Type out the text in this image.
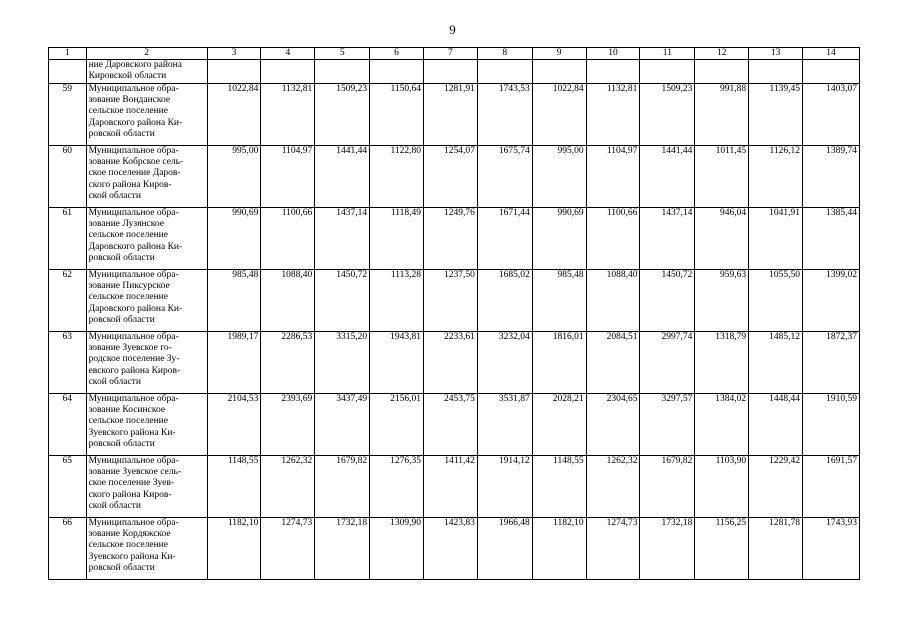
9
1	2	3	4	5	6	7	8	9	10	11	12	13	14

	ние Даровского района
Кировской области												

59	Муниципальное обра-
зование Вонданское
сельское поселение
Даровского района Ки-
ровской области	1022,84	1132,81	1509,23	1150,64	1281,91	1743,53	1022,84	1132,81	1509,23	991,88	1139,45	1403,07
60	Муниципальное обра-
зование Кобрское сель-
ское поселение Даров-
ского района Киров-
ской области	995,00	1104,97	1441,44	1122,80	1254,07	1675,74	995,00	1104,97	1441,44	1011,45	1126,12	1389,74
61	Муниципальное обра-
зование Лузянское
сельское поселение
Даровского района Ки-
ровской области	990,69	1100,66	1437,14	1118,49	1249,76	1671,44	990,69	1100,66	1437,14	946,04	1041,91	1385,44
62	Муниципальное обра-
зование Пиксурское
сельское поселение
Даровского района Ки-
ровской области	985,48	1088,40	1450,72	1113,28	1237,50	1685,02	985,48	1088,40	1450,72	959,63	1055,50	1399,02
63	Муниципальное обра-
зование Зуевское го-
родское поселение Зу-
евского района Киров-
ской области	1989,17	2286,53	3315,20	1943,81	2233,61	3232,04	1816,01	2084,51	2997,74	1318,79	1485,12	1872,37
64	Муниципальное обра-
зование Косинское
сельское поселение
Зуевского района Ки-
ровской области	2104,53	2393,69	3437,49	2156,01	2453,75	3531,87	2028,21	2304,65	3297,57	1384,02	1448,44	1910,59
65	Муниципальное обра-
зование Зуевское сель-
ское поселение Зуев-
ского района Киров-
ской области	1148,55	1262,32	1679,82	1276,35	1411,42	1914,12	1148,55	1262,32	1679,82	1103,90	1229,42	1691,57
66	Муниципальное обра-
зование Кордяжское
сельское поселение
Зуевского района Ки-
ровской области	1182,10	1274,73	1732,18	1309,90	1423,83	1966,48	1182,10	1274,73	1732,18	1156,25	1281,78	1743,93
